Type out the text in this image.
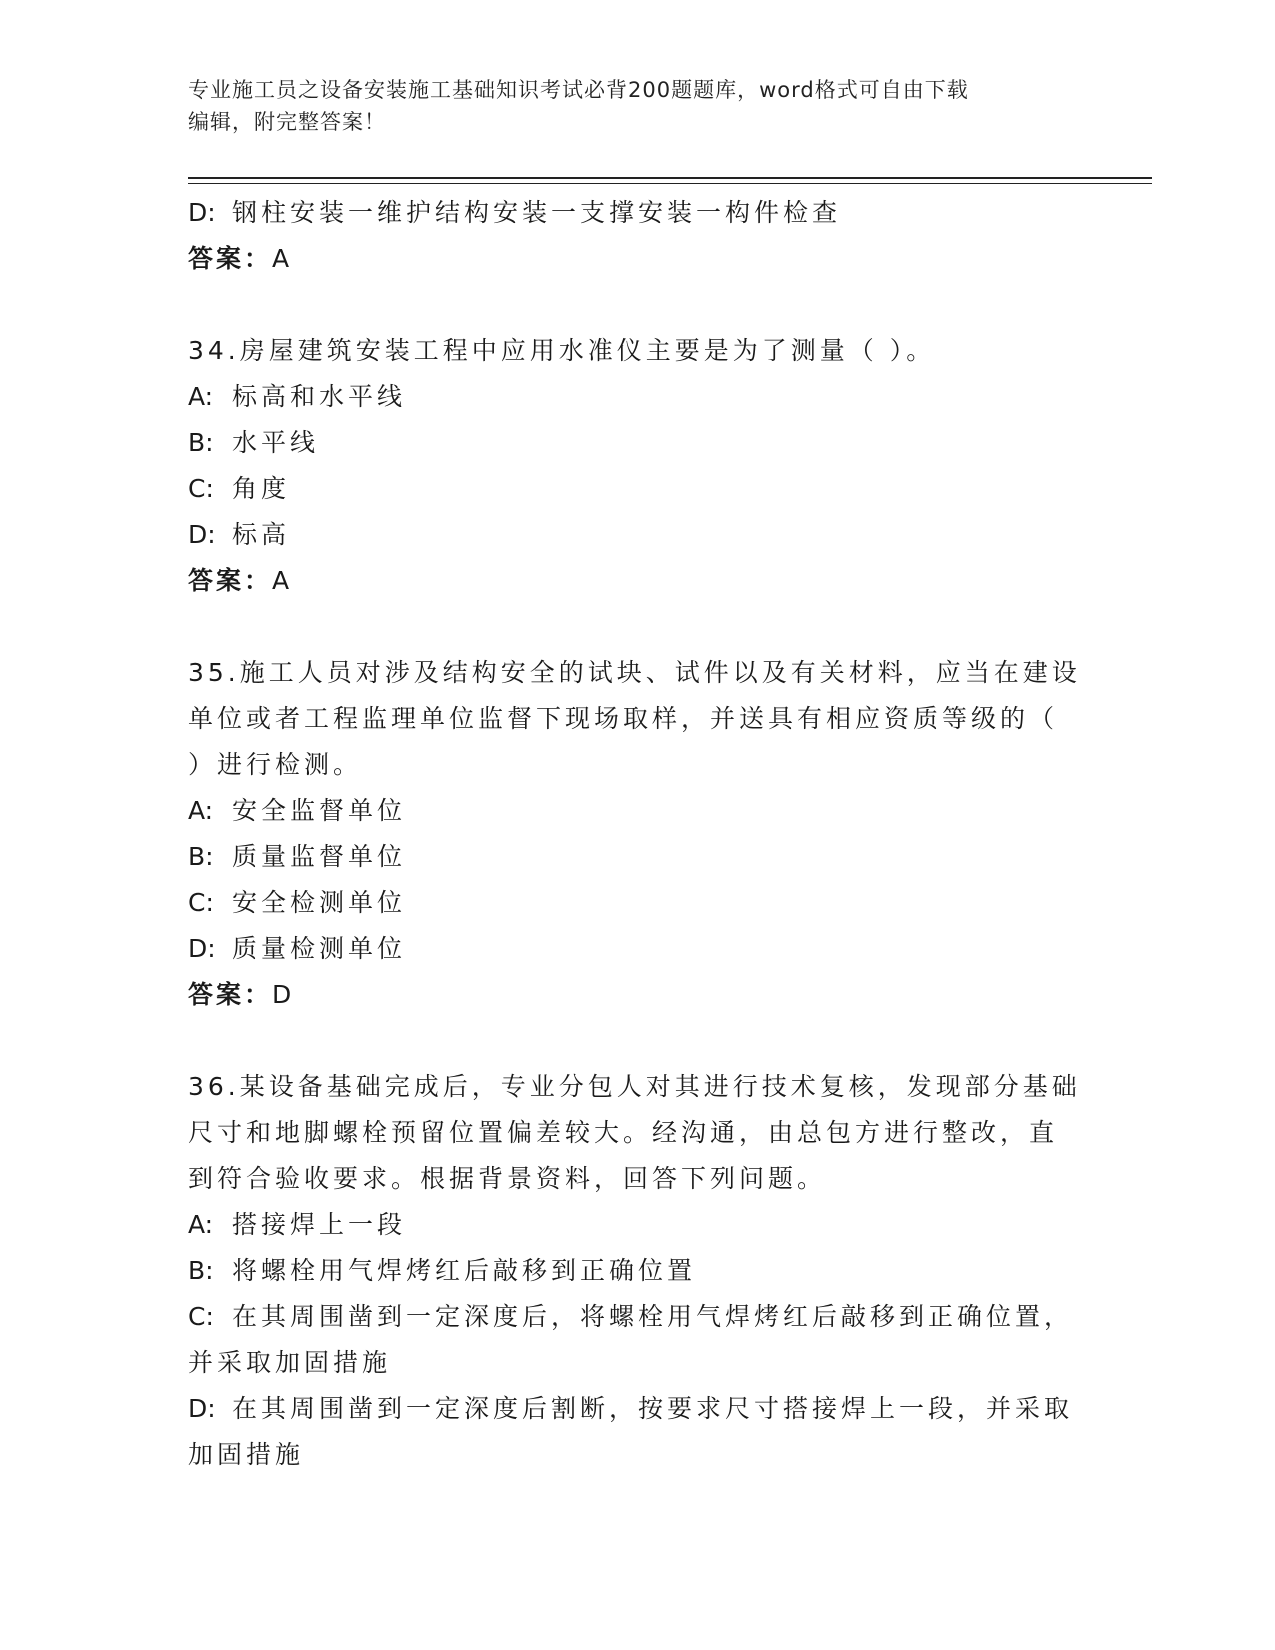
专业施工员之设备安装施工基础知识考试必背200题题库，word格式可自由下载
编辑，附完整答案！
D: 钢柱安装一维护结构安装一支撑安装一构件检查
答案：A
34.房屋建筑安装工程中应用水准仪主要是为了测量（ ）。
A: 标高和水平线
B: 水平线
C: 角度
D: 标高
答案：A
35.施工人员对涉及结构安全的试块、试件以及有关材料，应当在建设
单位或者工程监理单位监督下现场取样，并送具有相应资质等级的（
）进行检测。
A: 安全监督单位
B: 质量监督单位
C: 安全检测单位
D: 质量检测单位
答案：D
36.某设备基础完成后，专业分包人对其进行技术复核，发现部分基础
尺寸和地脚螺栓预留位置偏差较大。经沟通，由总包方进行整改，直
到符合验收要求。根据背景资料，回答下列问题。
A: 搭接焊上一段
B: 将螺栓用气焊烤红后敲移到正确位置
C: 在其周围凿到一定深度后，将螺栓用气焊烤红后敲移到正确位置，
并采取加固措施
D: 在其周围凿到一定深度后割断，按要求尺寸搭接焊上一段，并采取
加固措施
